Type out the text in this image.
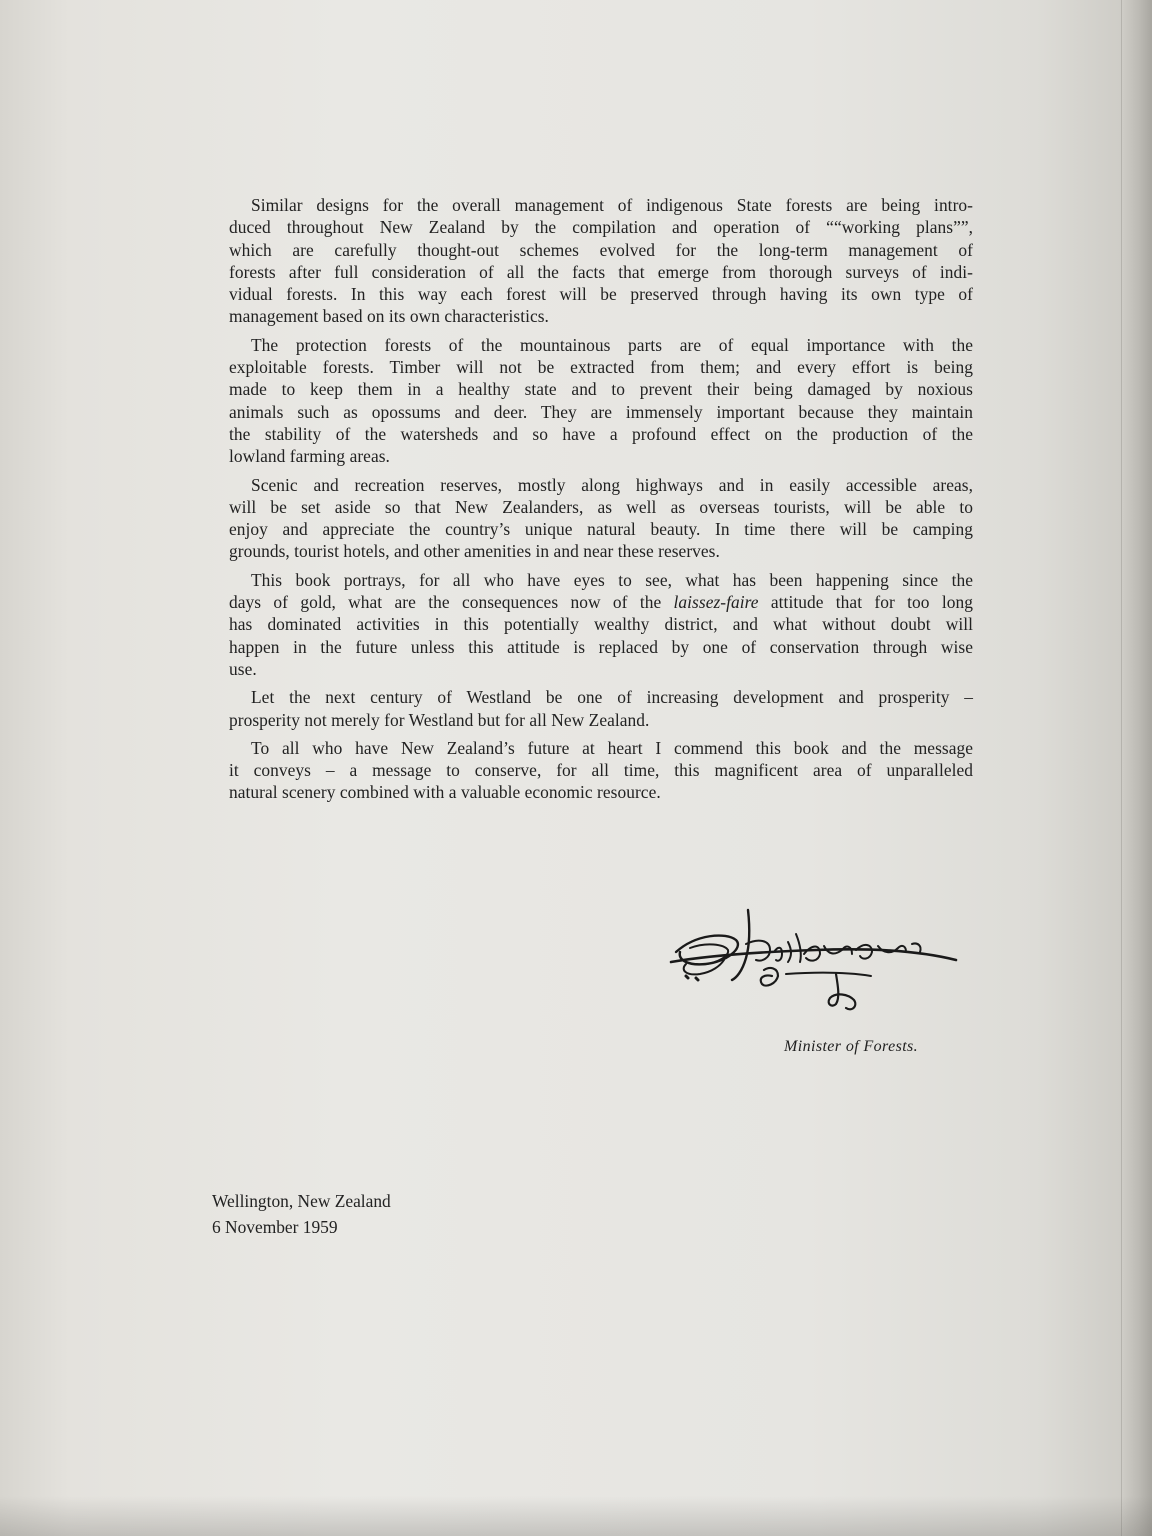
Similar designs for the overall management of indigenous State forests are being intro-
duced throughout New Zealand by the compilation and operation of ““working plans””,
which are carefully thought-out schemes evolved for the long-term management of
forests after full consideration of all the facts that emerge from thorough surveys of indi-
vidual forests. In this way each forest will be preserved through having its own type of
management based on its own characteristics.

The protection forests of the mountainous parts are of equal importance with the
exploitable forests. Timber will not be extracted from them; and every effort is being
made to keep them in a healthy state and to prevent their being damaged by noxious
animals such as opossums and deer. They are immensely important because they maintain
the stability of the watersheds and so have a profound effect on the production of the
lowland farming areas.

Scenic and recreation reserves, mostly along highways and in easily accessible areas,
will be set aside so that New Zealanders, as well as overseas tourists, will be able to
enjoy and appreciate the country’s unique natural beauty. In time there will be camping
grounds, tourist hotels, and other amenities in and near these reserves.

This book portrays, for all who have eyes to see, what has been happening since the
days of gold, what are the consequences now of the laissez-faire attitude that for too long
has dominated activities in this potentially wealthy district, and what without doubt will
happen in the future unless this attitude is replaced by one of conservation through wise
use.

Let the next century of Westland be one of increasing development and prosperity –
prosperity not merely for Westland but for all New Zealand.

To all who have New Zealand’s future at heart I commend this book and the message
it conveys – a message to conserve, for all time, this magnificent area of unparalleled
natural scenery combined with a valuable economic resource.

Minister of Forests.
Wellington, New Zealand
6 November 1959
